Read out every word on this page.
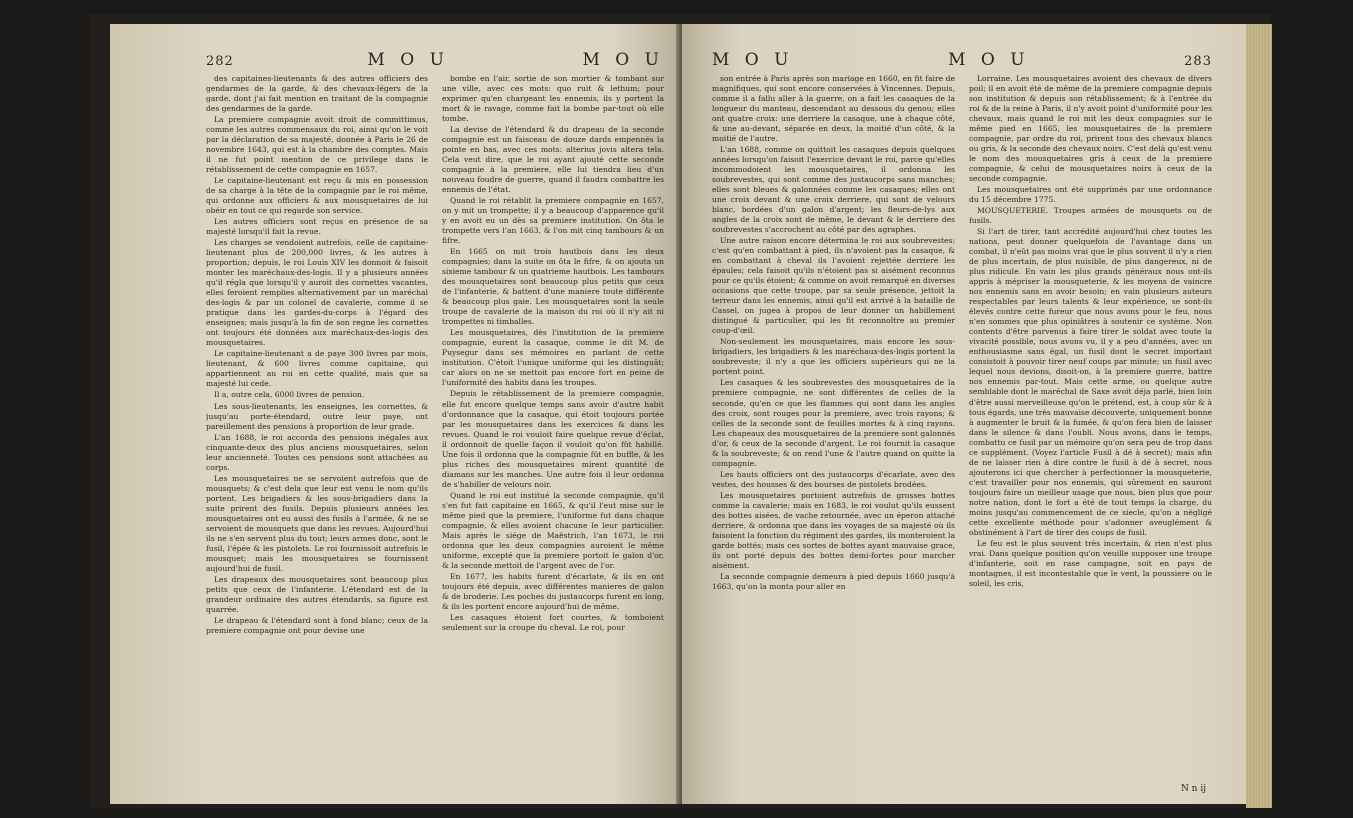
282	M O U	M O U

des capitaines-lieutenants & des autres officiers des gendarmes de la garde, & des chevaux-légers de la garde, dont j'ai fait mention en traitant de la compagnie des gendarmes de la garde.

La premiere compagnie avoit droit de committimus, comme les autres commensaux du roi, ainsi qu'on le voit par la déclaration de sa majesté, donnée à Paris le 26 de novembre 1643, qui est à la chambre des comptes. Mais il ne fut point mention de ce privilege dans le rétablissement de cette compagnie en 1657.

Le capitaine-lieutenant est reçu & mis en possession de sa charge à la tête de la compagnie par le roi même, qui ordonne aux officiers & aux mousquetaires de lui obéir en tout ce qui regarde son service.

Les autres officiers sont reçus en présence de sa majesté lorsqu'il fait la revue.

Les charges se vendoient autrefois, celle de capitaine-lieutenant plus de 200,000 livres, & les autres à proportion; depuis, le roi Louis XIV les donnoit & faisoit monter les maréchaux-des-logis. Il y a plusieurs années qu'il régla que lorsqu'il y auroit des cornettes vacantes, elles feroient remplies alternativement par un maréchal des-logis & par un colonel de cavalerie, comme il se pratique dans les gardes-du-corps à l'égard des enseignes; mais jusqu'à la fin de son regne les cornettes ont toujours été données aux maréchaux-des-logis des mousquetaires.

Le capitaine-lieutenant a de paye 300 livres par mois, lieutenant, & 600 livres comme capitaine, qui appartiennent au roi en cette qualité, mais que sa majesté lui cede.

Il a, outre cela, 6000 livres de pension.

Les sous-lieutenants, les enseignes, les cornettes, & jusqu'au porte-étendard, outre leur paye, ont pareillement des pensions à proportion de leur grade.

L'an 1688, le roi accorda des pensions inégales aux cinquante-deux des plus anciens mousquetaires, selon leur ancienneté. Toutes ces pensions sont attachées au corps.

Les mousquetaires ne se servoient autrefois que de mousquets; & c'est dela que leur est venu le nom qu'ils portent. Les brigadiers & les sous-brigadiers dans la suite prirent des fusils. Depuis plusieurs années les mousquetaires ont eu aussi des fusils à l'armée, & ne se servoient de mousquets que dans les revues. Aujourd'hui ils ne s'en servent plus du tout; leurs armes donc, sont le fusil, l'épée & les pistolets. Le roi fournissoit autrefois le mousquet; mais les mousquetaires se fournissent aujourd'hui de fusil.

Les drapeaux des mousquetaires sont beaucoup plus petits que ceux de l'infanterie. L'étendard est de la grandeur ordinaire des autres étendards, sa figure est quarrée.

Le drapeau & l'étendard sont à fond blanc; ceux de la premiere compagnie ont pour devise une

bombe en l'air, sortie de son mortier & tombant sur une ville, avec ces mots: quo ruit & lethum; pour exprimer qu'en chargeant les ennemis, ils y portent la mort & le ravage, comme fait la bombe par-tout où elle tombe.

La devise de l'étendard & du drapeau de la seconde compagnie est un faisceau de douze dards empennés la pointe en bas, avec ces mots: alterius jovis altera tela. Cela veut dire, que le roi ayant ajouté cette seconde compagnie à la premiere, elle lui tiendra lieu d'un nouveau foudre de guerre, quand il faudra combattre les ennemis de l'état.

Quand le roi rétablit la premiere compagnie en 1657, on y mit un trompette; il y a beaucoup d'apparence qu'il y en avoit eu un dès sa premiere institution. On ôta le trompette vers l'an 1663, & l'on mit cinq tambours & un fifre.

En 1665 on mit trois hautbois dans les deux compagnies; dans la suite on ôta le fifre, & on ajouta un sixieme tambour & un quatrieme hautbois. Les tambours des mousquetaires sont beaucoup plus petits que ceux de l'infanterie, & battent d'une maniere toute différente & beaucoup plus gaie. Les mousquetaires sont la seule troupe de cavalerie de la maison du roi où il n'y ait ni trompettes ni timballes.

Les mousquetaires, dès l'institution de la premiere compagnie, eurent la casaque, comme le dit M. de Puysegur dans ses mémoires en parlant de cette institution. C'étoit l'unique uniforme qui les distinguât; car alors on ne se mettoit pas encore fort en peine de l'uniformité des habits dans les troupes.

Depuis le rétablissement de la premiere compagnie, elle fut encore quelque temps sans avoir d'autre habit d'ordonnance que la casaque, qui étoit toujours portée par les mousquetaires dans les exercices & dans les revues. Quand le roi vouloit faire quelque revue d'éclat, il ordonnoit de quelle façon il vouloit qu'on fût habillé. Une fois il ordonna que la compagnie fût en buffle, & les plus riches des mousquetaires mirent quantité de diamans sur les manches. Une autre fois il leur ordonna de s'habiller de velours noir.

Quand le roi eut institué la seconde compagnie, qu'il s'en fut fait capitaine en 1665, & qu'il l'eut mise sur le même pied que la premiere, l'uniforme fut dans chaque compagnie, & elles avoient chacune le leur particulier. Mais après le siége de Maëstrich, l'an 1673, le roi ordonna que les deux compagnies auroient le même uniforme, excepté que la premiere portoit le galon d'or, & la seconde mettoit de l'argent avec de l'or.

En 1677, les habits furent d'écarlate, & ils en ont toujours été depuis, avec différentes manieres de galon & de broderie. Les poches du justaucorps furent en long, & ils les portent encore aujourd'hui de même.

Les casaques étoient fort courtes, & tomboient seulement sur la croupe du cheval. Le roi, pour

M O U	M O U	283

son entrée à Paris après son mariage en 1660, en fit faire de magnifiques, qui sont encore conservées à Vincennes. Depuis, comme il a fallu aller à la guerre, on a fait les casaques de la longueur du manteau, descendant au dessous du genou; elles ont quatre croix: une derriere la casaque, une à chaque côté, & une au-devant, séparée en deux, la moitié d'un côté, & la moitié de l'autre.

L'an 1688, comme on quittoit les casaques depuis quelques années lorsqu'on faisoit l'exercice devant le roi, parce qu'elles incommodoient les mousquetaires, il ordonna les soubrevestes, qui sont comme des justaucorps sans manches; elles sont bleues & galonnées comme les casaques; elles ont une croix devant & une croix derriere, qui sont de velours blanc, bordées d'un galon d'argent; les fleurs-de-lys aux angles de la croix sont de même, le devant & le derriere des soubrevestes s'accrochent au côté par des agraphes.

Une autre raison encore détermina le roi aux soubrevestes: c'est qu'en combattant à pied, ils n'avoient pas la casaque, & en combattant à cheval ils l'avoient rejettée derriere les épaules; cela faisoit qu'ils n'étoient pas si aisément reconnus pour ce qu'ils étoient; & comme on avoit remarqué en diverses occasions que cette troupe, par sa seule présence, jettoit la terreur dans les ennemis, ainsi qu'il est arrivé à la bataille de Cassel, on jugea à propos de leur donner un habillement distingué & particulier, qui les fit reconnoître au premier coup-d'œil.

Non-seulement les mousquetaires, mais encore les sous-brigadiers, les brigadiers & les maréchaux-des-logis portent la soubreveste; il n'y a que les officiers supérieurs qui ne la portent point.

Les casaques & les soubrevestes des mousquetaires de la premiere compagnie, ne sont différentes de celles de la seconde, qu'en ce que les flammes qui sont dans les angles des croix, sont rouges pour la premiere, avec trois rayons; & celles de la seconde sont de feuilles mortes & à cinq rayons. Les chapeaux des mousquetaires de la premiere sont galonnés d'or, & ceux de la seconde d'argent. Le roi fournit la casaque & la soubreveste; & on rend l'une & l'autre quand on quitte la compagnie.

Les hauts officiers ont des justaucorps d'écarlate, avec des vestes, des housses & des bourses de pistolets brodées.

Les mousquetaires portoient autrefois de grosses bottes comme la cavalerie; mais en 1683, le roi voulut qu'ils eussent des bottes aisées, de vache retournée, avec un éperon attaché derriere, & ordonna que dans les voyages de sa majesté où ils faisoient la fonction du régiment des gardes, ils monteroient la garde bottés; mais ces sortes de bottes ayant mauvaise grace, ils ont porté depuis des bottes demi-fortes pour marcher aisément.

La seconde compagnie demeura à pied depuis 1660 jusqu'à 1663, qu'on la monta pour aller en

Lorraine. Les mousquetaires avoient des chevaux de divers poil; il en avoit été de même de la premiere compagnie depuis son institution & depuis son rétablissement; & à l'entrée du roi & de la reine à Paris, il n'y avoit point d'uniformité pour les chevaux, mais quand le roi mit les deux compagnies sur le même pied en 1665, les mousquetaires de la premiere compagnie, par ordre du roi, prirent tous des chevaux blancs ou gris, & la seconde des chevaux noirs. C'est delà qu'est venu le nom des mousquetaires gris à ceux de la premiere compagnie, & celui de mousquetaires noirs à ceux de la seconde compagnie.

Les mousquetaires ont été supprimés par une ordonnance du 15 décembre 1775.

MOUSQUETERIE. Troupes armées de mousquets ou de fusils.

Si l'art de tirer, tant accrédité aujourd'hui chez toutes les nations, peut donner quelquefois de l'avantage dans un combat, il n'eût pas moins vrai que le plus souvent il n'y a rien de plus incertain, de plus nuisible, de plus dangereux, ni de plus ridicule. En vain les plus grands généraux nous ont-ils appris à mépriser la mousqueterie, & les moyens de vaincre nos ennemis sans en avoir besoin; en vain plusieurs auteurs respectables par leurs talents & leur expérience, se sont-ils élevés contre cette fureur que nous avons pour le feu, nous n'en sommes que plus opiniâtres à soutenir ce système. Non contents d'être parvenus à faire tirer le soldat avec toute la vivacité possible, nous avons vu, il y a peu d'années, avec un enthousiasme sans égal, un fusil dont le secret important consistoit à pouvoir tirer neuf coups par minute; un fusil avec lequel nous devions, disoit-on, à la premiere guerre, battre nos ennemis par-tout. Mais cette arme, ou quelque autre semblable dont le maréchal de Saxe avoit déja parlé, bien loin d'être aussi merveilleuse qu'on le prétend, est, à coup sûr & à tous égards, une très mauvaise découverte, uniquement bonne à augmenter le bruit & la fumée, & qu'on fera bien de laisser dans le silence & dans l'oubli. Nous avons, dans le temps, combattu ce fusil par un mémoire qu'on sera peu de trop dans ce supplément. (Voyez l'article Fusil à dé à secret); mais afin de ne laisser rien à dire contre le fusil à dé à secret, nous ajouterons ici que chercher à perfectionner la mousqueterie, c'est travailler pour nos ennemis, qui sûrement en sauront toujours faire un meilleur usage que nous, bien plus que pour notre nation, dont le fort a été de tout temps la charge, du moins jusqu'au commencement de ce siecle, qu'on a négligé cette excellente méthode pour s'adonner aveuglément & obstinément à l'art de tirer des coups de fusil.

Le feu est le plus souvent très incertain, & rien n'est plus vrai. Dans quelque position qu'on veuille supposer une troupe d'infanterie, soit en rase campagne, soit en pays de montagnes, il est incontestable que le vent, la poussiere ou le soleil, les cris,

N n ij
